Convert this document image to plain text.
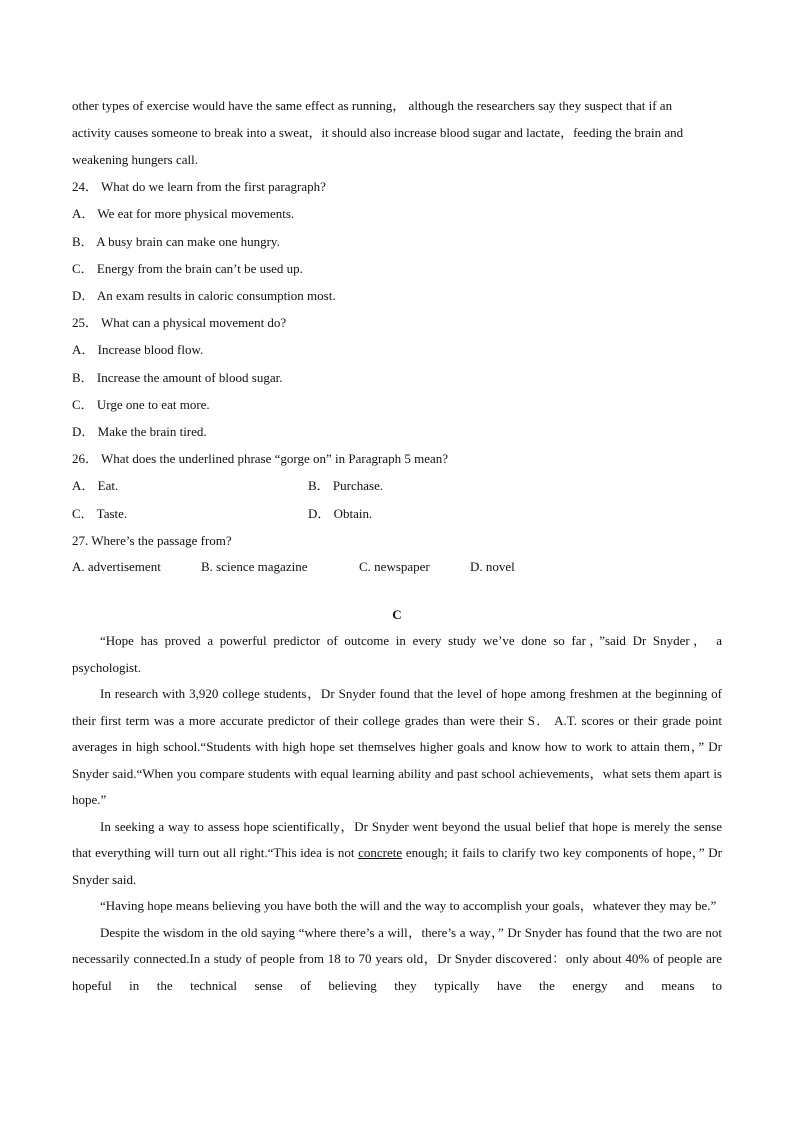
other types of exercise would have the same effect as running， although the researchers say they suspect that if an

activity causes someone to break into a sweat，it should also increase blood sugar and lactate，feeding the brain and

weakening hungers call.

24． What do we learn from the first paragraph?

A． We eat for more physical movements.

B． A busy brain can make one hungry.

C． Energy from the brain can’t be used up.

D． An exam results in caloric consumption most.

25． What can a physical movement do?

A． Increase blood flow.

B． Increase the amount of blood sugar.

C． Urge one to eat more.

D． Make the brain tired.

26． What does the underlined phrase “gorge on” in Paragraph 5 mean?

A． Eat.	B． Purchase.
C． Taste.	D． Obtain.

27. Where’s the passage from?

A. advertisement	B. science magazine	C. newspaper	D. novel
C

“Hope has proved a powerful predictor of outcome in every study we’ve done so far，”said Dr Snyder， a psychologist.

In research with 3,920 college students，Dr Snyder found that the level of hope among freshmen at the beginning of their first term was a more accurate predictor of their college grades than were their S． A.T. scores or their grade point averages in high school.“Students with high hope set themselves higher goals and know how to work to attain them，” Dr Snyder said.“When you compare students with equal learning ability and past school achievements，what sets them apart is hope.”

In seeking a way to assess hope scientifically，Dr Snyder went beyond the usual belief that hope is merely the sense that everything will turn out all right.“This idea is not concrete enough; it fails to clarify two key components of hope，” Dr Snyder said.

“Having hope means believing you have both the will and the way to accomplish your goals，whatever they may be.”

Despite the wisdom in the old saying “where there’s a will，there’s a way，” Dr Snyder has found that the two are not necessarily connected.In a study of people from 18 to 70 years old，Dr Snyder discovered：only about 40% of people are hopeful in the technical sense of believing they typically have the energy and means to
